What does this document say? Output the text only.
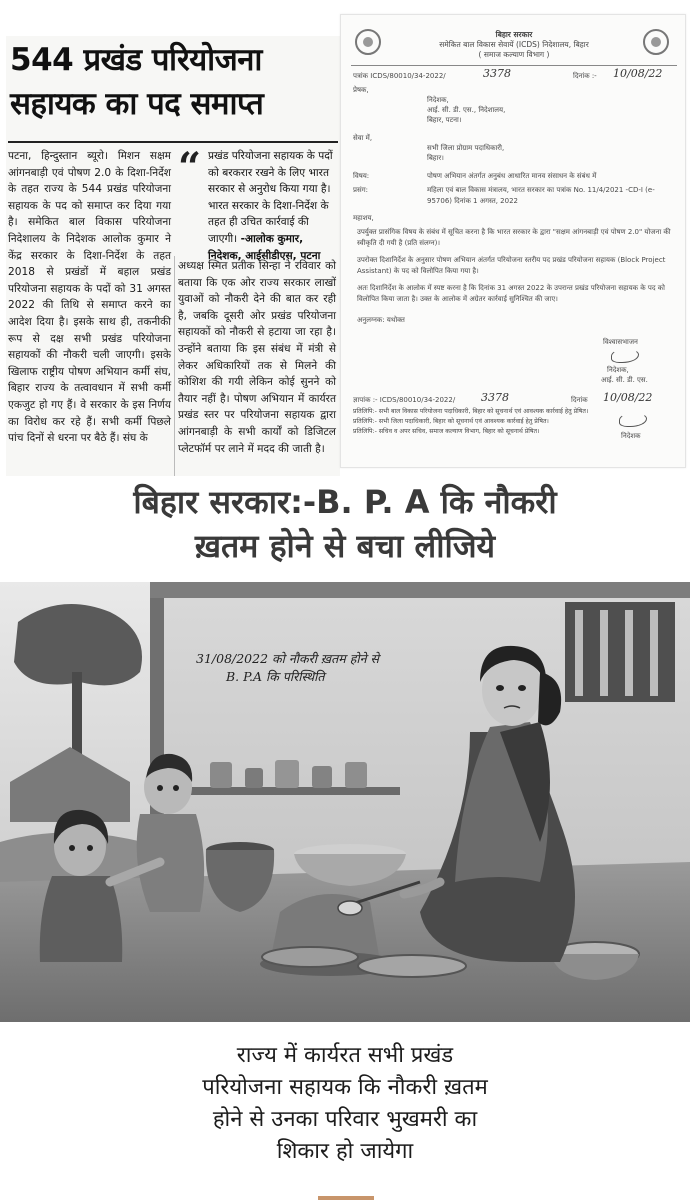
544 प्रखंड परियोजना
सहायक का पद समाप्त
पटना, हिन्दुस्तान ब्यूरो। मिशन सक्षम आंगनबाड़ी एवं पोषण 2.0 के दिशा-निर्देश के तहत राज्य के 544 प्रखंड परियोजना सहायक के पद को समाप्त कर दिया गया है। समेकित बाल विकास परियोजना निदेशालय के निदेशक आलोक कुमार ने केंद्र सरकार के दिशा-निर्देश के तहत 2018 से प्रखंडों में बहाल प्रखंड परियोजना सहायक के पदों को 31 अगस्त 2022 की तिथि से समाप्त करने का आदेश दिया है। इसके साथ ही, तकनीकी रूप से दक्ष सभी प्रखंड परियोजना सहायकों की नौकरी चली जाएगी। इसके खिलाफ राष्ट्रीय पोषण अभियान कर्मी संघ, बिहार राज्य के तत्वावधान में सभी कर्मी एकजुट हो गए हैं। वे सरकार के इस निर्णय का विरोध कर रहे हैं। सभी कर्मी पिछले पांच दिनों से धरना पर बैठे हैं। संघ के
“ प्रखंड परियोजना सहायक के पदों को बरकरार रखने के लिए भारत सरकार से अनुरोध किया गया है। भारत सरकार के दिशा-निर्देश के तहत ही उचित कार्रवाई की जाएगी। -आलोक कुमार, निदेशक, आईसीडीएस, पटना
अध्यक्ष स्मित प्रतीक सिन्हा ने रविवार को बताया कि एक ओर राज्य सरकार लाखों युवाओं को नौकरी देने की बात कर रही है, जबकि दूसरी ओर प्रखंड परियोजना सहायकों को नौकरी से हटाया जा रहा है। उन्होंने बताया कि इस संबंध में मंत्री से लेकर अधिकारियों तक से मिलने की कोशिश की गयी लेकिन कोई सुनने को तैयार नहीं है। पोषण अभियान में कार्यरत प्रखंड स्तर पर परियोजना सहायक द्वारा आंगनबाड़ी के सभी कार्यों को डिजिटल प्लेटफॉर्म पर लाने में मदद की जाती है।
बिहार सरकार
समेकित बाल विकास सेवायें (ICDS) निदेशालय, बिहार
( समाज कल्याण विभाग )
पत्रांक ICDS/80010/34-2022/	3378	दिनांक :- 10/08/22
प्रेषक,
निदेशक,
आई. सी. डी. एस., निदेशालय,
बिहार, पटना।
सेवा में,
सभी जिला प्रोग्राम पदाधिकारी,
बिहार।
विषय:	पोषण अभियान अंतर्गत अनुबंध आधारित मानव संसाधन के संबंध में
प्रसंग:	महिला एवं बाल विकास मंत्रालय, भारत सरकार का पत्रांक No. 11/4/2021 -CD-I (e-95706) दिनांक 1 अगस्त, 2022
महाशय,
उपर्युक्त प्रासंगिक विषय के संबंध में सूचित करना है कि भारत सरकार के द्वारा "सक्षम आंगनबाड़ी एवं पोषण 2.0" योजना की स्वीकृति दी गयी है (प्रति संलग्न)।
उपरोक्त दिशानिर्देश के अनुसार पोषण अभियान अंतर्गत परियोजना स्तरीय पद प्रखंड परियोजना सहायक (Block Project Assistant) के पद को विलोपित किया गया है।
अतः दिशानिर्देश के आलोक में स्पष्ट करना है कि दिनांक 31 अगस्त 2022 के उपरान्त प्रखंड परियोजना सहायक के पद को विलोपित किया जाता है। उक्त के आलोक में अग्रेतर कार्रवाई सुनिश्चित की जाए।
अनुलग्नक: यथोक्त
विश्वासभाजन
निदेशक,
आई. सी. डी. एस.
ज्ञापांक :- ICDS/80010/34-2022/ 3378	दिनांक 10/08/22
प्रतिलिपि:- सभी बाल विकास परियोजना पदाधिकारी, बिहार को सूचनार्थ एवं आवश्यक कार्रवाई हेतु प्रेषित।
प्रतिलिपि:- सभी जिला पदाधिकारी, बिहार को सूचनार्थ एवं आवश्यक कार्रवाई हेतु प्रेषित।
प्रतिलिपि:- सचिव व अपर सचिव, समाज कल्याण विभाग, बिहार को सूचनार्थ प्रेषित।
निदेशक
बिहार सरकार:-B. P. A कि नौकरी
ख़तम होने से बचा लीजिये
31/08/2022 को नौकरी ख़तम होने से
B. P.A कि परिस्थिति
राज्य में कार्यरत सभी प्रखंड
परियोजना सहायक कि नौकरी ख़तम
होने से उनका परिवार भुखमरी का
शिकार हो जायेगा
